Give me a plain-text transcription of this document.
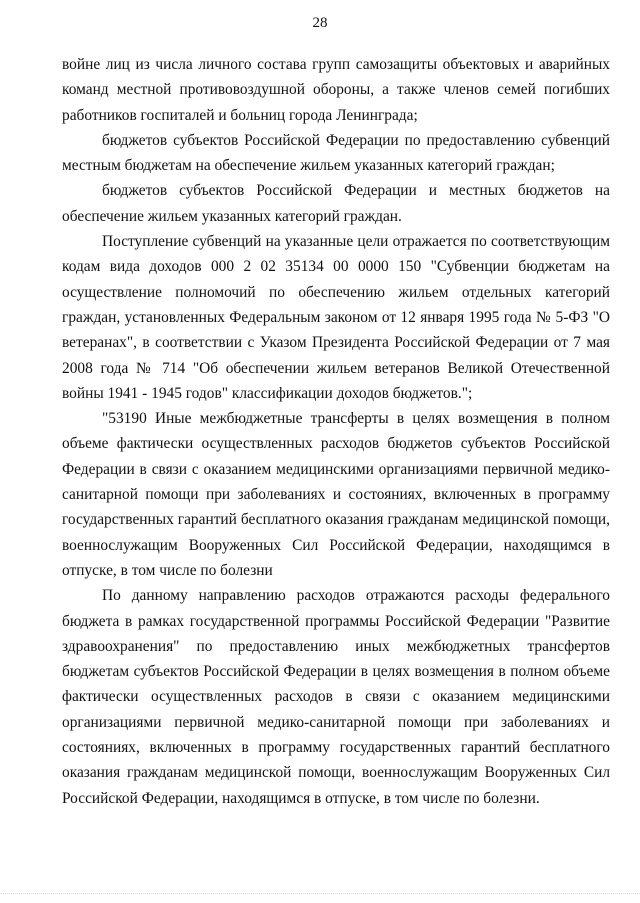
28

войне лиц из числа личного состава групп самозащиты объектовых и аварийных команд местной противовоздушной обороны, а также членов семей погибших работников госпиталей и больниц города Ленинграда;

бюджетов субъектов Российской Федерации по предоставлению субвенций местным бюджетам на обеспечение жильем указанных категорий граждан;

бюджетов субъектов Российской Федерации и местных бюджетов на обеспечение жильем указанных категорий граждан.

Поступление субвенций на указанные цели отражается по соответствующим кодам вида доходов 000 2 02 35134 00 0000 150 "Субвенции бюджетам на осуществление полномочий по обеспечению жильем отдельных категорий граждан, установленных Федеральным законом от 12 января 1995 года № 5-ФЗ "О ветеранах", в соответствии с Указом Президента Российской Федерации от 7 мая 2008 года № 714 "Об обеспечении жильем ветеранов Великой Отечественной войны 1941 - 1945 годов" классификации доходов бюджетов.";

"53190 Иные межбюджетные трансферты в целях возмещения в полном объеме фактически осуществленных расходов бюджетов субъектов Российской Федерации в связи с оказанием медицинскими организациями первичной медико-санитарной помощи при заболеваниях и состояниях, включенных в программу государственных гарантий бесплатного оказания гражданам медицинской помощи, военнослужащим Вооруженных Сил Российской Федерации, находящимся в отпуске, в том числе по болезни

По данному направлению расходов отражаются расходы федерального бюджета в рамках государственной программы Российской Федерации "Развитие здравоохранения" по предоставлению иных межбюджетных трансфертов бюджетам субъектов Российской Федерации в целях возмещения в полном объеме фактически осуществленных расходов в связи с оказанием медицинскими организациями первичной медико-санитарной помощи при заболеваниях и состояниях, включенных в программу государственных гарантий бесплатного оказания гражданам медицинской помощи, военнослужащим Вооруженных Сил Российской Федерации, находящимся в отпуске, в том числе по болезни.
